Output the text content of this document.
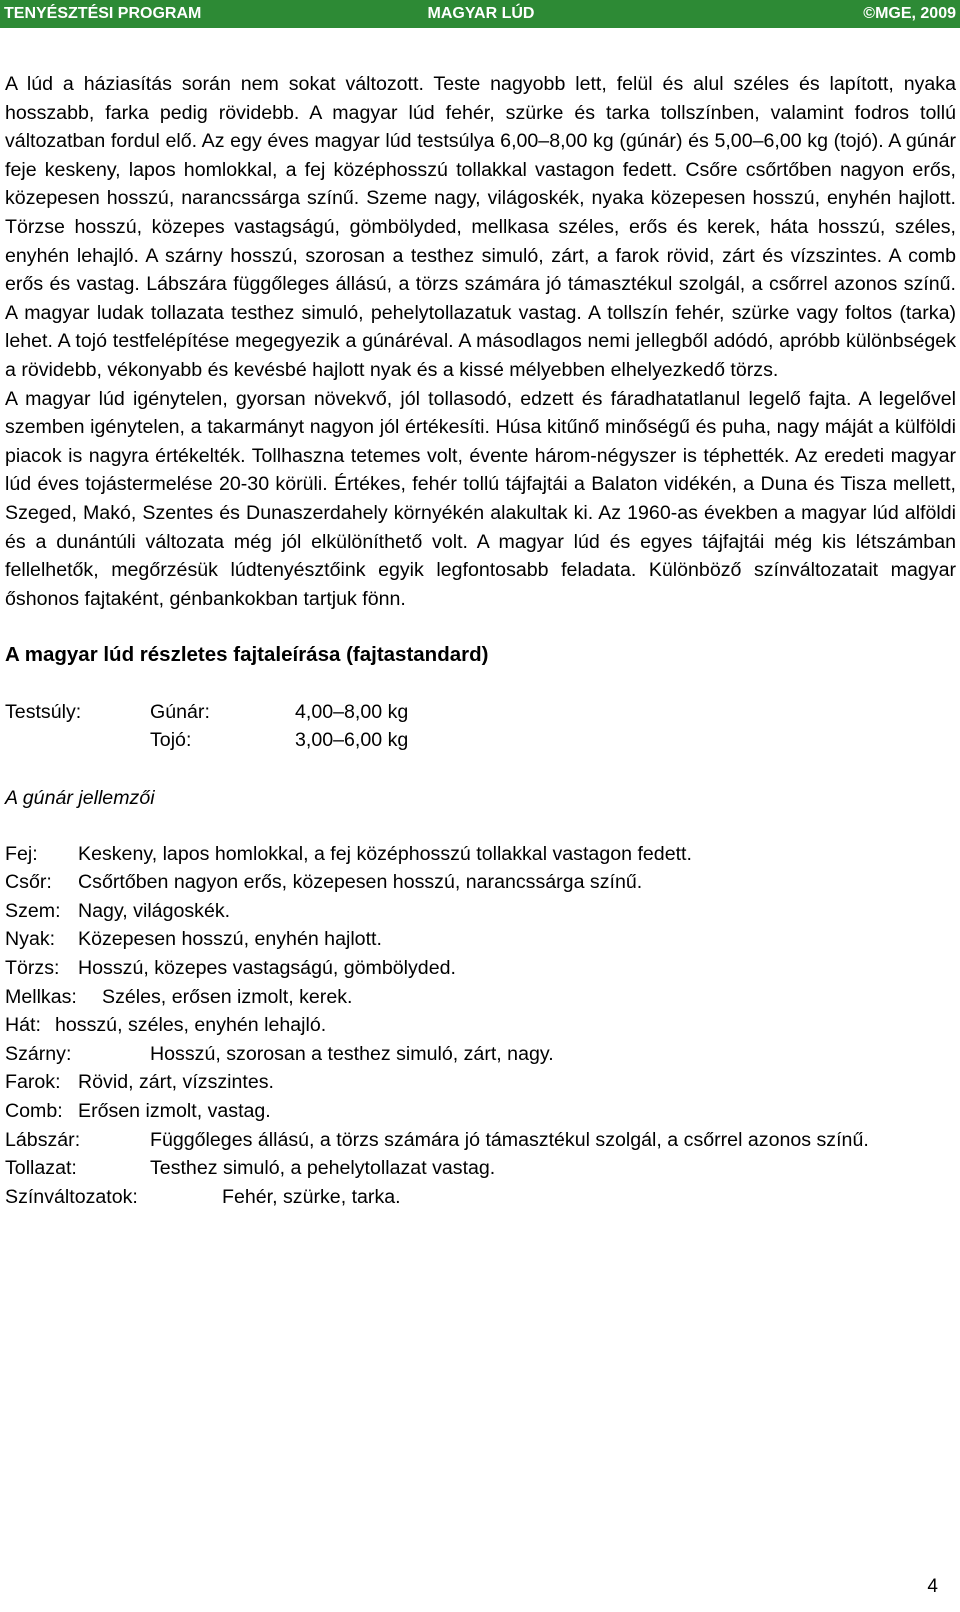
TENYÉSZTÉSI PROGRAM	MAGYAR LÚD	©MGE, 2009

A lúd a háziasítás során nem sokat változott. Teste nagyobb lett, felül és alul széles és lapított, nyaka hosszabb, farka pedig rövidebb. A magyar lúd fehér, szürke és tarka tollszínben, valamint fodros tollú változatban fordul elő. Az egy éves magyar lúd testsúlya 6,00–8,00 kg (gúnár) és 5,00–6,00 kg (tojó). A gúnár feje keskeny, lapos homlokkal, a fej középhosszú tollakkal vastagon fedett. Csőre csőrtőben nagyon erős, közepesen hosszú, narancssárga színű. Szeme nagy, világoskék, nyaka közepesen hosszú, enyhén hajlott. Törzse hosszú, közepes vastagságú, gömbölyded, mellkasa széles, erős és kerek, háta hosszú, széles, enyhén lehajló. A szárny hosszú, szorosan a testhez simuló, zárt, a farok rövid, zárt és vízszintes. A comb erős és vastag. Lábszára függőleges állású, a törzs számára jó támasztékul szolgál, a csőrrel azonos színű. A magyar ludak tollazata testhez simuló, pehelytollazatuk vastag. A tollszín fehér, szürke vagy foltos (tarka) lehet. A tojó testfelépítése megegyezik a gúnáréval. A másodlagos nemi jellegből adódó, apróbb különbségek a rövidebb, vékonyabb és kevésbé hajlott nyak és a kissé mélyebben elhelyezkedő törzs.

A magyar lúd igénytelen, gyorsan növekvő, jól tollasodó, edzett és fáradhatatlanul legelő fajta. A legelővel szemben igénytelen, a takarmányt nagyon jól értékesíti. Húsa kitűnő minőségű és puha, nagy máját a külföldi piacok is nagyra értékelték. Tollhaszna tetemes volt, évente három-négyszer is téphették. Az eredeti magyar lúd éves tojástermelése 20-30 körüli. Értékes, fehér tollú tájfajtái a Balaton vidékén, a Duna és Tisza mellett, Szeged, Makó, Szentes és Dunaszerdahely környékén alakultak ki. Az 1960-as években a magyar lúd alföldi és a dunántúli változata még jól elkülöníthető volt. A magyar lúd és egyes tájfajtái még kis létszámban fellelhetők, megőrzésük lúdtenyésztőink egyik legfontosabb feladata. Különböző színváltozatait magyar őshonos fajtaként, génbankokban tartjuk fönn.

A magyar lúd részletes fajtaleírása (fajtastandard)

Testsúly:	Gúnár:	4,00–8,00 kg
Tojó:	3,00–6,00 kg

A gúnár jellemzői

Fej:	Keskeny, lapos homlokkal, a fej középhosszú tollakkal vastagon fedett.
Csőr:	Csőrtőben nagyon erős, közepesen hosszú, narancssárga színű.
Szem: Nagy, világoskék.
Nyak:	Közepesen hosszú, enyhén hajlott.
Törzs: Hosszú, közepes vastagságú, gömbölyded.
Mellkas:	Széles, erősen izmolt, kerek.
Hát: hosszú, széles, enyhén lehajló.
Szárny:	Hosszú, szorosan a testhez simuló, zárt, nagy.
Farok: Rövid, zárt, vízszintes.
Comb: Erősen izmolt, vastag.
Lábszár:	Függőleges állású, a törzs számára jó támasztékul szolgál, a csőrrel azonos színű.
Tollazat:	Testhez simuló, a pehelytollazat vastag.
Színváltozatok:	Fehér, szürke, tarka.
4
